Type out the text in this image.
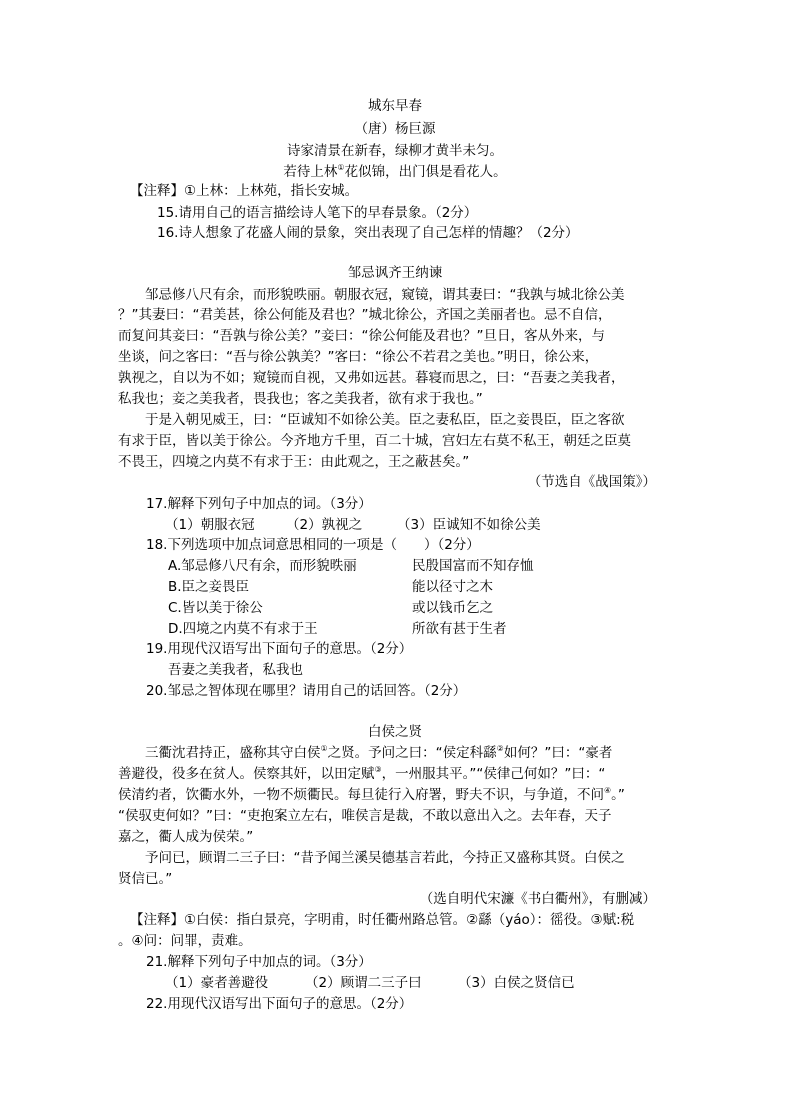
城东早春
（唐）杨巨源
诗家清景在新春，绿柳才黄半未匀。
若待上林①花似锦，出门俱是看花人。
【注释】①上林：上林苑，指长安城。
15.请用自己的语言描绘诗人笔下的早春景象。（2分）
16.诗人想象了花盛人闹的景象，突出表现了自己怎样的情趣？（2分）
邹忌讽齐王纳谏
邹忌修八尺有余，而形貌昳丽。朝服衣冠，窥镜，谓其妻曰：“我孰与城北徐公美
？”其妻曰：“君美甚，徐公何能及君也？”城北徐公，齐国之美丽者也。忌不自信，
而复问其妾曰：“吾孰与徐公美？”妾曰：“徐公何能及君也？”旦日，客从外来，与
坐谈，问之客曰：“吾与徐公孰美？”客曰：“徐公不若君之美也。”明日，徐公来，
孰视之，自以为不如；窥镜而自视，又弗如远甚。暮寝而思之，曰：“吾妻之美我者，
私我也；妾之美我者，畏我也；客之美我者，欲有求于我也。”
于是入朝见威王，曰：“臣诚知不如徐公美。臣之妻私臣，臣之妾畏臣，臣之客欲
有求于臣，皆以美于徐公。今齐地方千里，百二十城，宫妇左右莫不私王，朝廷之臣莫
不畏王，四境之内莫不有求于王：由此观之，王之蔽甚矣。”
（节选自《战国策》）
17.解释下列句子中加点的词。（3分）
（1）朝服衣冠 （2）孰视之	（3）臣诚知不如徐公美
18.下列选项中加点词意思相同的一项是（　　）（2分）
A.邹忌修八尺有余，而形貌昳丽	民殷国富而不知存恤
B.臣之妾畏臣	能以径寸之木
C.皆以美于徐公	或以钱币乞之
D.四境之内莫不有求于王	所欲有甚于生者
19.用现代汉语写出下面句子的意思。（2分）
吾妻之美我者，私我也
20.邹忌之智体现在哪里？请用自己的话回答。（2分）
白侯之贤
三衢沈君持正，盛称其守白侯①之贤。予问之曰：“侯定科繇②如何？”曰：“豪者
善避役，役多在贫人。侯察其奸，以田定赋③，一州服其平。”“侯律己何如？”曰：“
侯清约者，饮衢水外，一物不烦衢民。每旦徒行入府署，野夫不识，与争道，不问④。”
“侯驭吏何如？”曰：“吏抱案立左右，唯侯言是裁，不敢以意出入之。去年春，天子
嘉之，衢人成为侯荣。”
予问已，顾谓二三子曰：“昔予闻兰溪吴德基言若此，今持正又盛称其贤。白侯之
贤信已。”
（选自明代宋濂《书白衢州》，有删减）
【注释】①白侯：指白景亮，字明甫，时任衢州路总管。②繇（yáo）：徭役。③赋:税
。④问：问罪，责难。
21.解释下列句子中加点的词。（3分）
（1）豪者善避役	（2）顾谓二三子曰	（3）白侯之贤信已
22.用现代汉语写出下面句子的意思。（2分）
